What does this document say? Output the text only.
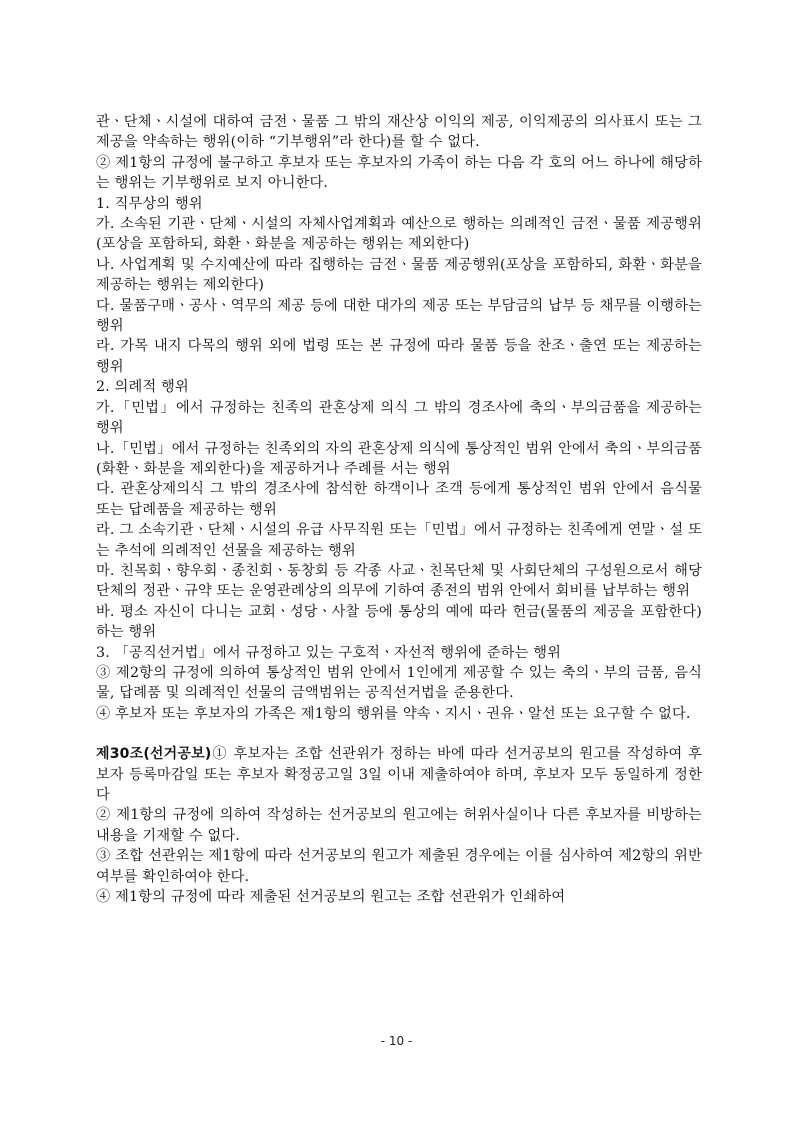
관ㆍ단체ㆍ시설에 대하여 금전ㆍ물품 그 밖의 재산상 이익의 제공, 이익제공의 의사표시 또는 그 제공을 약속하는 행위(이하 “기부행위”라 한다)를 할 수 없다.

② 제1항의 규정에 불구하고 후보자 또는 후보자의 가족이 하는 다음 각 호의 어느 하나에 해당하는 행위는 기부행위로 보지 아니한다.

1. 직무상의 행위

가. 소속된 기관ㆍ단체ㆍ시설의 자체사업계획과 예산으로 행하는 의례적인 금전ㆍ물품 제공행위(포상을 포함하되, 화환ㆍ화분을 제공하는 행위는 제외한다)

나. 사업계획 및 수지예산에 따라 집행하는 금전ㆍ물품 제공행위(포상을 포함하되, 화환ㆍ화분을 제공하는 행위는 제외한다)

다. 물품구매ㆍ공사ㆍ역무의 제공 등에 대한 대가의 제공 또는 부담금의 납부 등 채무를 이행하는 행위

라. 가목 내지 다목의 행위 외에 법령 또는 본 규정에 따라 물품 등을 찬조ㆍ출연 또는 제공하는 행위

2. 의례적 행위

가.「민법」에서 규정하는 친족의 관혼상제 의식 그 밖의 경조사에 축의ㆍ부의금품을 제공하는 행위

나.「민법」에서 규정하는 친족외의 자의 관혼상제 의식에 통상적인 범위 안에서 축의ㆍ부의금품(화환ㆍ화분을 제외한다)을 제공하거나 주례를 서는 행위

다. 관혼상제의식 그 밖의 경조사에 참석한 하객이나 조객 등에게 통상적인 범위 안에서 음식물 또는 답례품을 제공하는 행위

라. 그 소속기관ㆍ단체ㆍ시설의 유급 사무직원 또는「민법」에서 규정하는 친족에게 연말ㆍ설 또는 추석에 의례적인 선물을 제공하는 행위

마. 친목회ㆍ향우회ㆍ종친회ㆍ동창회 등 각종 사교ㆍ친목단체 및 사회단체의 구성원으로서 해당 단체의 정관ㆍ규약 또는 운영관례상의 의무에 기하여 종전의 범위 안에서 회비를 납부하는 행위

바. 평소 자신이 다니는 교회ㆍ성당ㆍ사찰 등에 통상의 예에 따라 헌금(물품의 제공을 포함한다)하는 행위

3. 「공직선거법」에서 규정하고 있는 구호적ㆍ자선적 행위에 준하는 행위

③ 제2항의 규정에 의하여 통상적인 범위 안에서 1인에게 제공할 수 있는 축의ㆍ부의 금품, 음식물, 답례품 및 의례적인 선물의 금액범위는 공직선거법을 준용한다.

④ 후보자 또는 후보자의 가족은 제1항의 행위를 약속ㆍ지시ㆍ권유ㆍ알선 또는 요구할 수 없다.

제30조(선거공보)① 후보자는 조합 선관위가 정하는 바에 따라 선거공보의 원고를 작성하여 후보자 등록마감일 또는 후보자 확정공고일 3일 이내 제출하여야 하며, 후보자 모두 동일하게 정한다

② 제1항의 규정에 의하여 작성하는 선거공보의 원고에는 허위사실이나 다른 후보자를 비방하는 내용을 기재할 수 없다.

③ 조합 선관위는 제1항에 따라 선거공보의 원고가 제출된 경우에는 이를 심사하여 제2항의 위반여부를 확인하여야 한다.

④ 제1항의 규정에 따라 제출된 선거공보의 원고는 조합 선관위가 인쇄하여

- 10 -
